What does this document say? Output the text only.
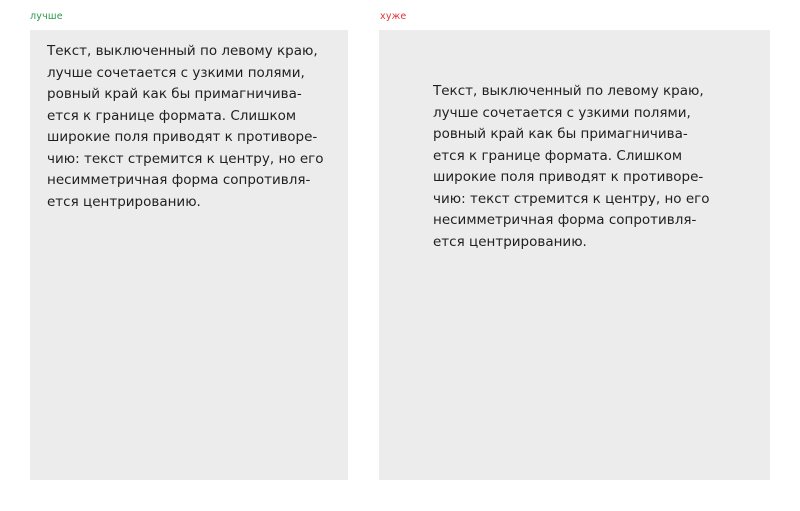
лучше	хуже
Текст, выключенный по левому краю,
лучше сочетается с узкими полями,
ровный край как бы примагничива-
ется к границе формата. Слишком
широкие поля приводят к противоре-
чию: текст стремится к центру, но его
несимметричная форма сопротивля-
ется центрированию.
Текст, выключенный по левому краю,
лучше сочетается с узкими полями,
ровный край как бы примагничива-
ется к границе формата. Слишком
широкие поля приводят к противоре-
чию: текст стремится к центру, но его
несимметричная форма сопротивля-
ется центрированию.
